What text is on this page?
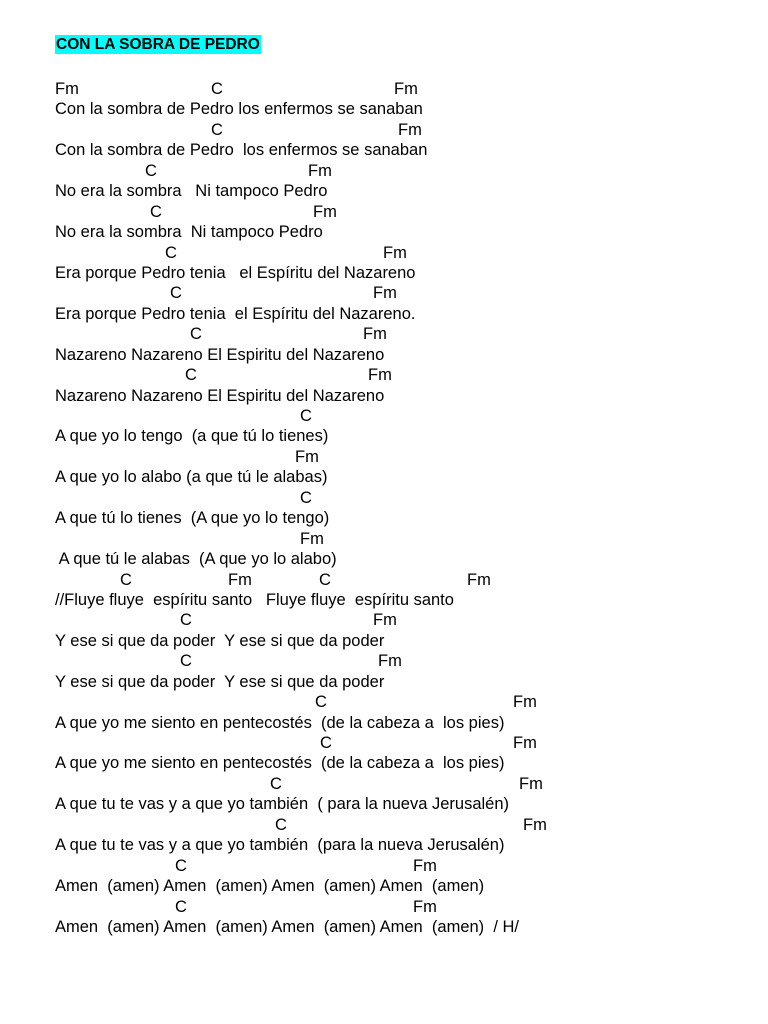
CON LA SOBRA DE PEDRO

Fm

	C

	Fm

Con la sombra de Pedro los enfermos se sanaban

C

	Fm

Con la sombra de Pedro  los enfermos se sanaban

C

	Fm

No era la sombra   Ni tampoco Pedro

C

	Fm

No era la sombra  Ni tampoco Pedro

C

	Fm

Era porque Pedro tenia   el Espíritu del Nazareno

C

	Fm

Era porque Pedro tenia  el Espíritu del Nazareno.

C

	Fm

Nazareno Nazareno El Espiritu del Nazareno

C

	Fm

Nazareno Nazareno El Espiritu del Nazareno

C

A que yo lo tengo  (a que tú lo tienes)

Fm

A que yo lo alabo (a que tú le alabas)

C

A que tú lo tienes  (A que yo lo tengo)

Fm

A que tú le alabas  (A que yo lo alabo)

C

	Fm

	C

	Fm

//Fluye fluye  espíritu santo   Fluye fluye  espíritu santo

C

	Fm

Y ese si que da poder  Y ese si que da poder

C

	Fm

Y ese si que da poder  Y ese si que da poder

C

	Fm

A que yo me siento en pentecostés  (de la cabeza a  los pies)

C

	Fm

A que yo me siento en pentecostés  (de la cabeza a  los pies)

C

	Fm

A que tu te vas y a que yo también  ( para la nueva Jerusalén)

C

	Fm

A que tu te vas y a que yo también  (para la nueva Jerusalén)

C

	Fm

Amen  (amen) Amen  (amen) Amen  (amen) Amen  (amen)

C

	Fm

Amen  (amen) Amen  (amen) Amen  (amen) Amen  (amen)  / H/
